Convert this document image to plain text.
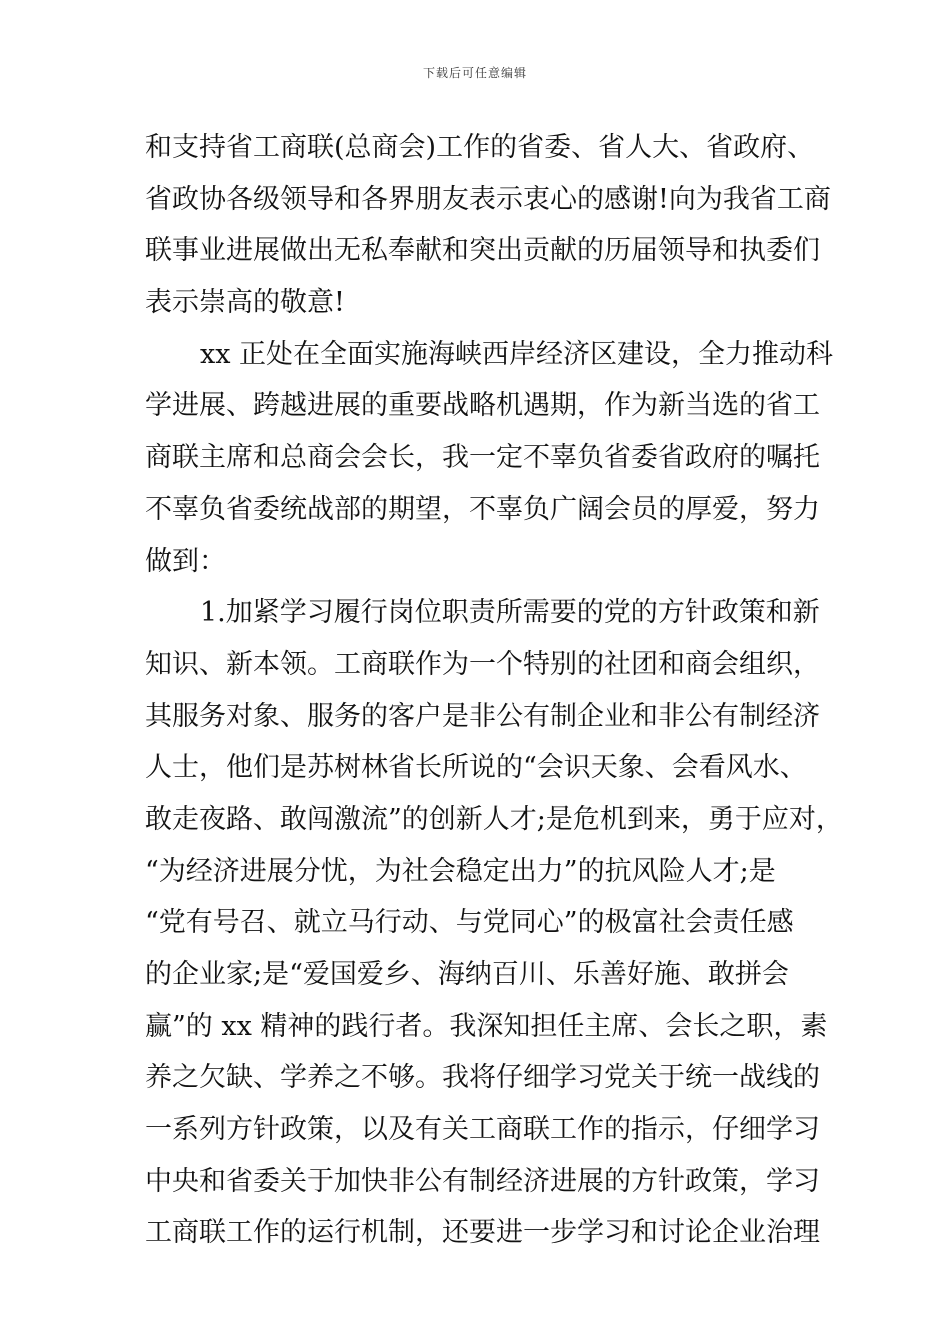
下载后可任意编辑
和支持省工商联(总商会)工作的省委、省人大、省政府、
省政协各级领导和各界朋友表示衷心的感谢!向为我省工商
联事业进展做出无私奉献和突出贡献的历届领导和执委们
表示崇高的敬意!
xx 正处在全面实施海峡西岸经济区建设，全力推动科
学进展、跨越进展的重要战略机遇期，作为新当选的省工
商联主席和总商会会长，我一定不辜负省委省政府的嘱托
不辜负省委统战部的期望，不辜负广阔会员的厚爱，努力
做到：
1.加紧学习履行岗位职责所需要的党的方针政策和新
知识、新本领。工商联作为一个特别的社团和商会组织，
其服务对象、服务的客户是非公有制企业和非公有制经济
人士，他们是苏树林省长所说的“会识天象、会看风水、
敢走夜路、敢闯激流”的创新人才;是危机到来，勇于应对，
“为经济进展分忧，为社会稳定出力”的抗风险人才;是
“党有号召、就立马行动、与党同心”的极富社会责任感
的企业家;是“爱国爱乡、海纳百川、乐善好施、敢拼会
赢”的 xx 精神的践行者。我深知担任主席、会长之职，素
养之欠缺、学养之不够。我将仔细学习党关于统一战线的
一系列方针政策，以及有关工商联工作的指示，仔细学习
中央和省委关于加快非公有制经济进展的方针政策，学习
工商联工作的运行机制，还要进一步学习和讨论企业治理
